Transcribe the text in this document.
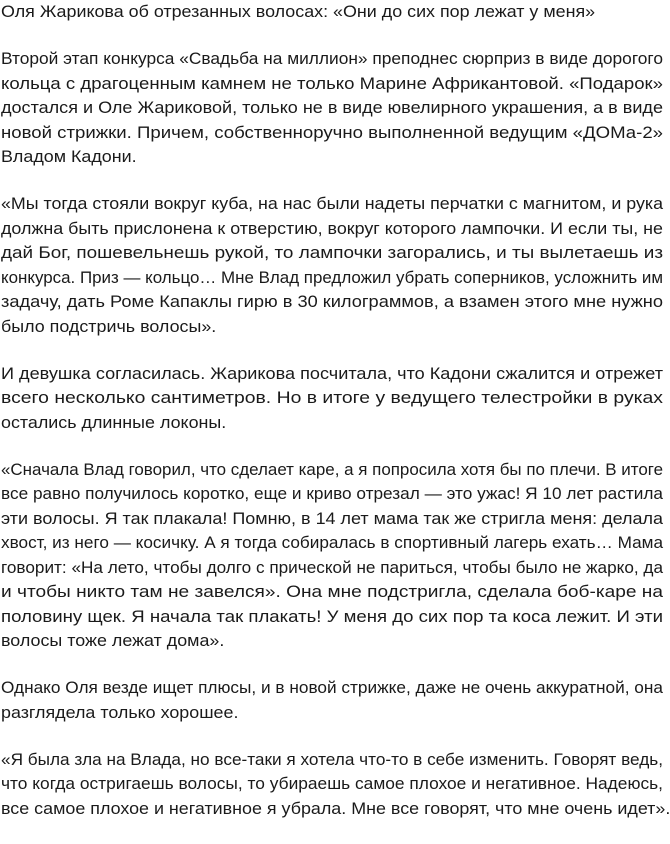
Оля Жарикова об отрезанных волосах: «Они до сих пор лежат у меня»
Второй этап конкурса «Свадьба на миллион» преподнес сюрприз в виде дорогого
кольца с драгоценным камнем не только Марине Африкантовой. «Подарок»
достался и Оле Жариковой, только не в виде ювелирного украшения, а в виде
новой стрижки. Причем, собственноручно выполненной ведущим «ДОМа-2»
Владом Кадони.
«Мы тогда стояли вокруг куба, на нас были надеты перчатки с магнитом, и рука
должна быть прислонена к отверстию, вокруг которого лампочки. И если ты, не
дай Бог, пошевельнешь рукой, то лампочки загорались, и ты вылетаешь из
конкурса. Приз — кольцо… Мне Влад предложил убрать соперников, усложнить им
задачу, дать Роме Капаклы гирю в 30 килограммов, а взамен этого мне нужно
было подстричь волосы».
И девушка согласилась. Жарикова посчитала, что Кадони сжалится и отрежет
всего несколько сантиметров. Но в итоге у ведущего телестройки в руках
остались длинные локоны.
«Сначала Влад говорил, что сделает каре, а я попросила хотя бы по плечи. В итоге
все равно получилось коротко, еще и криво отрезал — это ужас! Я 10 лет растила
эти волосы. Я так плакала! Помню, в 14 лет мама так же стригла меня: делала
хвост, из него — косичку. А я тогда собиралась в спортивный лагерь ехать… Мама
говорит: «На лето, чтобы долго с прической не париться, чтобы было не жарко, да
и чтобы никто там не завелся». Она мне подстригла, сделала боб-каре на
половину щек. Я начала так плакать! У меня до сих пор та коса лежит. И эти
волосы тоже лежат дома».
Однако Оля везде ищет плюсы, и в новой стрижке, даже не очень аккуратной, она
разглядела только хорошее.
«Я была зла на Влада, но все-таки я хотела что-то в себе изменить. Говорят ведь,
что когда остригаешь волосы, то убираешь самое плохое и негативное. Надеюсь,
все самое плохое и негативное я убрала. Мне все говорят, что мне очень идет».
